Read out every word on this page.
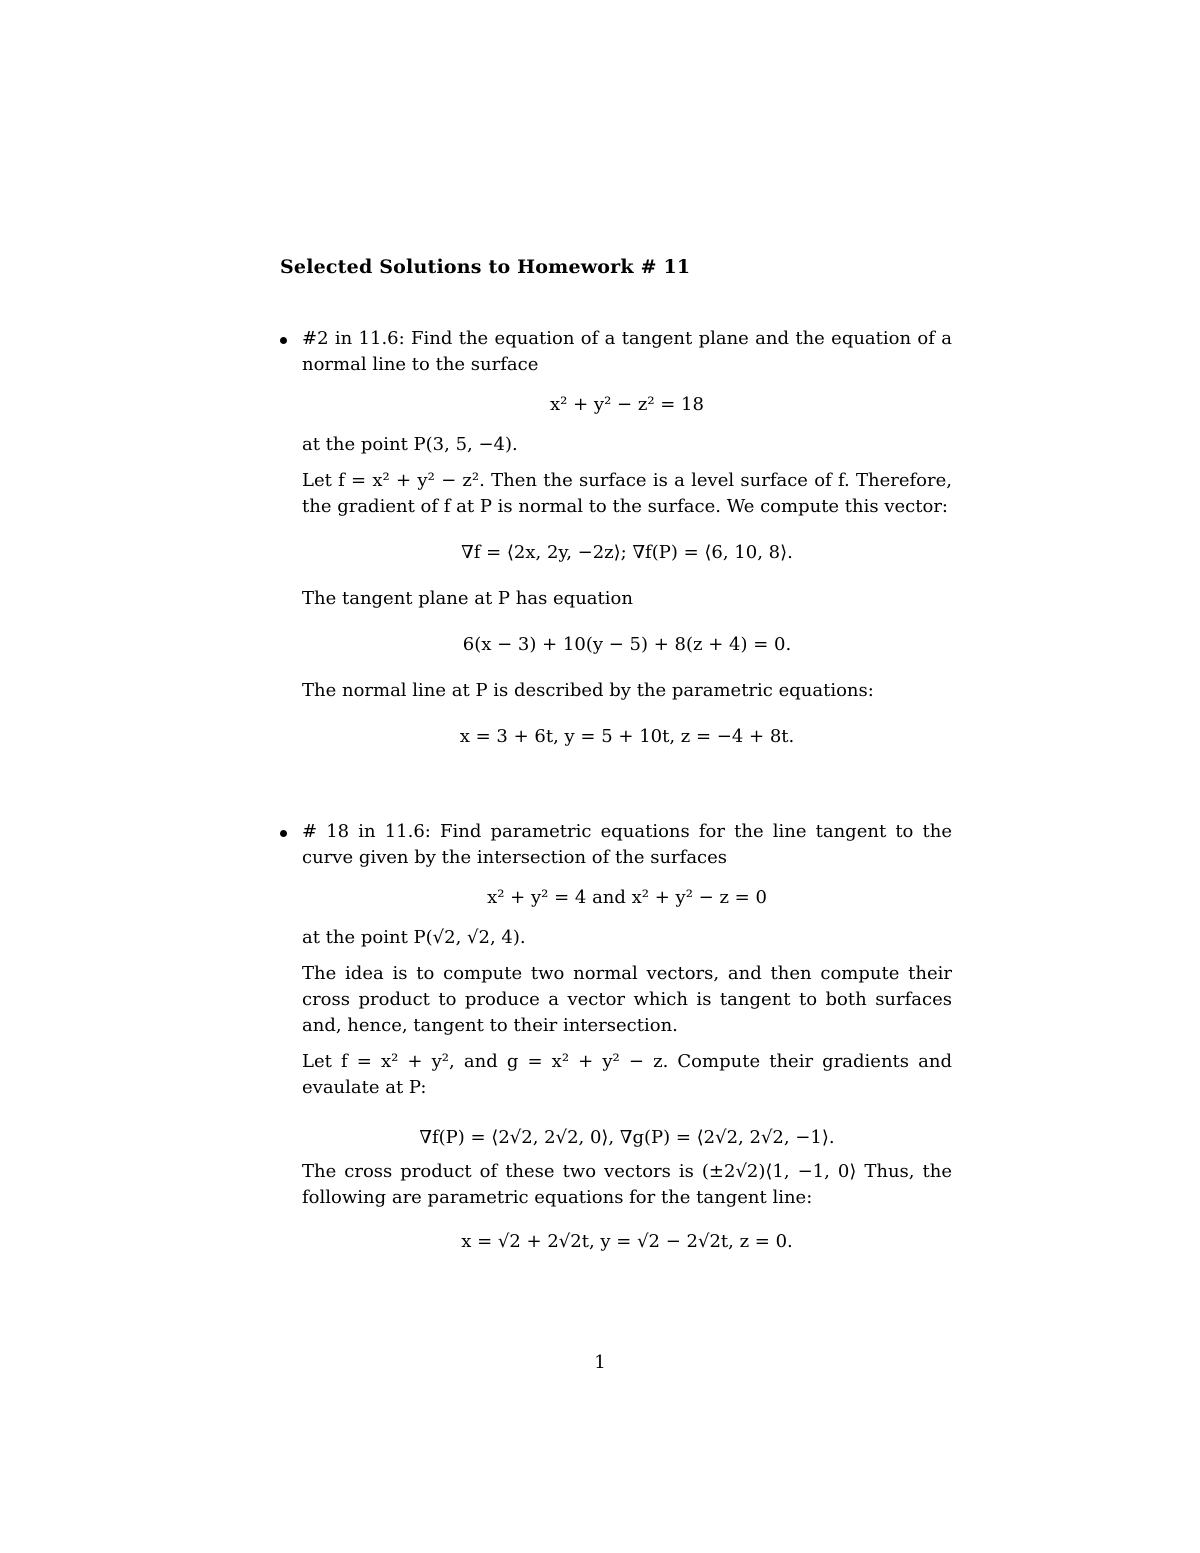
Selected Solutions to Homework # 11

#2 in 11.6: Find the equation of a tangent plane and the equation of a normal line to the surface

x² + y² − z² = 18

at the point P(3, 5, −4).

Let f = x² + y² − z². Then the surface is a level surface of f. Therefore, the gradient of f at P is normal to the surface. We compute this vector:

∇f = ⟨2x, 2y, −2z⟩; ∇f(P) = ⟨6, 10, 8⟩.

The tangent plane at P has equation

6(x − 3) + 10(y − 5) + 8(z + 4) = 0.

The normal line at P is described by the parametric equations:

x = 3 + 6t, y = 5 + 10t, z = −4 + 8t.

# 18 in 11.6: Find parametric equations for the line tangent to the curve given by the intersection of the surfaces

x² + y² = 4 and x² + y² − z = 0

at the point P(√2, √2, 4).

The idea is to compute two normal vectors, and then compute their cross product to produce a vector which is tangent to both surfaces and, hence, tangent to their intersection.

Let f = x² + y², and g = x² + y² − z. Compute their gradients and evaulate at P:

∇f(P) = ⟨2√2, 2√2, 0⟩, ∇g(P) = ⟨2√2, 2√2, −1⟩.

The cross product of these two vectors is (±2√2)⟨1, −1, 0⟩ Thus, the following are parametric equations for the tangent line:

x = √2 + 2√2t, y = √2 − 2√2t, z = 0.

1
